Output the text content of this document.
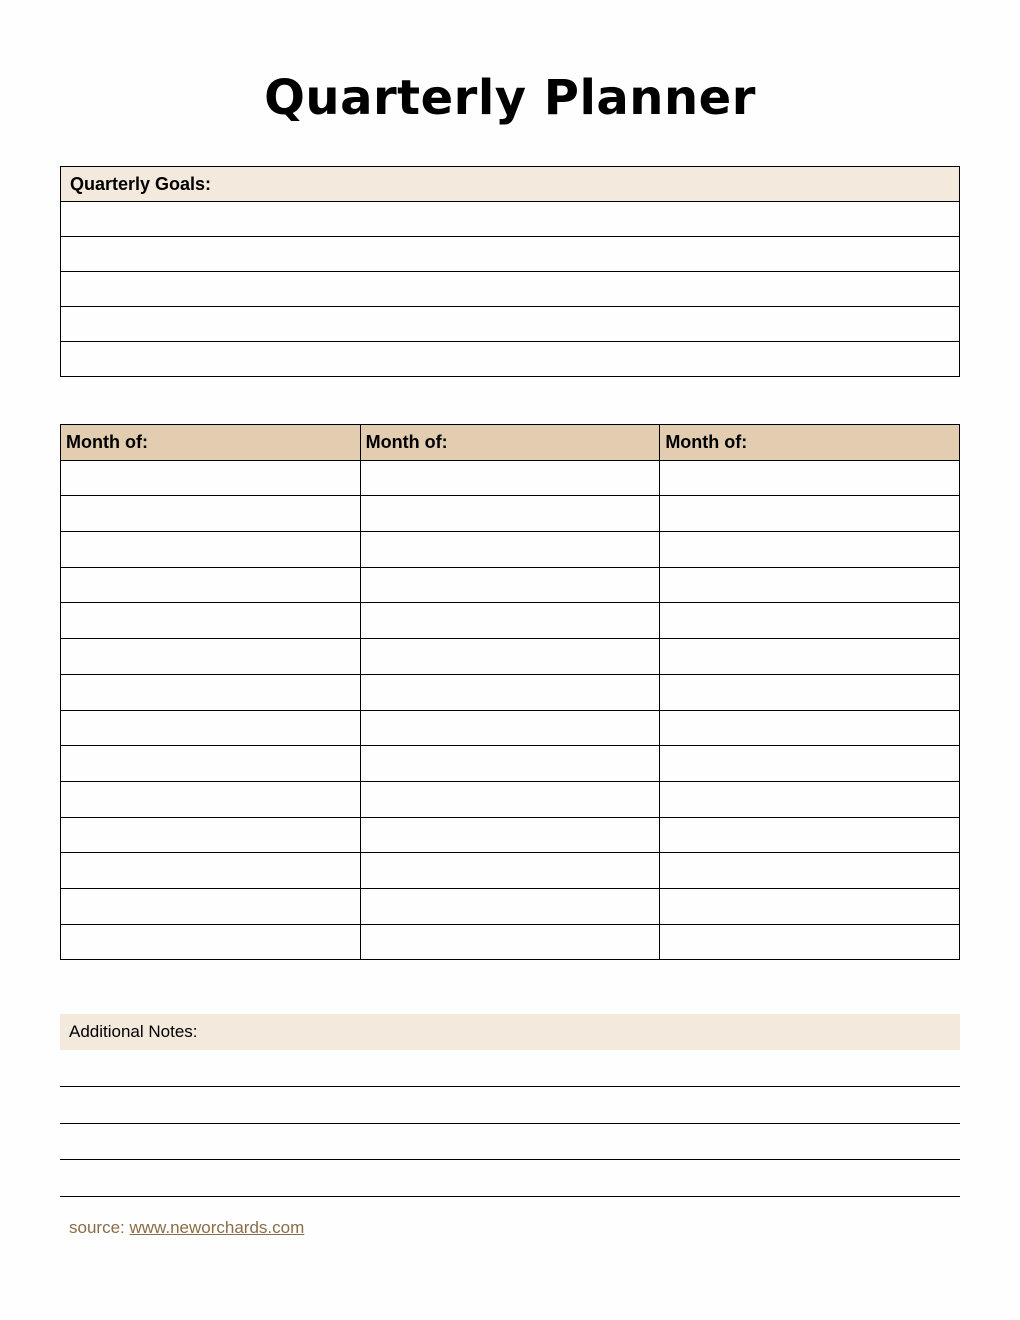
Quarterly Planner
Quarterly Goals:

Month of:	Month of:	Month of:

Additional Notes:
source: www.neworchards.com
